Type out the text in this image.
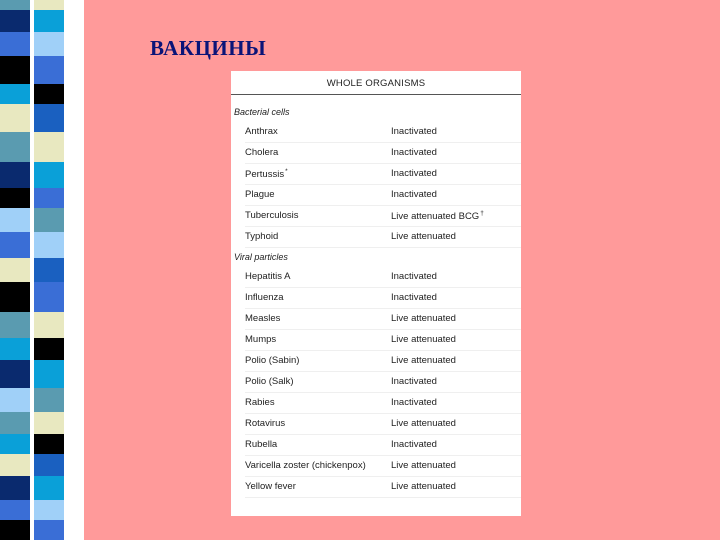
ВАКЦИНЫ
WHOLE ORGANISMS
Bacterial cells
Anthrax	Inactivated
Cholera	Inactivated
Pertussis*	Inactivated
Plague	Inactivated
Tuberculosis	Live attenuated BCG†
Typhoid	Live attenuated
Viral particles
Hepatitis A	Inactivated
Influenza	Inactivated
Measles	Live attenuated
Mumps	Live attenuated
Polio (Sabin)	Live attenuated
Polio (Salk)	Inactivated
Rabies	Inactivated
Rotavirus	Live attenuated
Rubella	Inactivated
Varicella zoster (chickenpox)	Live attenuated
Yellow fever	Live attenuated
